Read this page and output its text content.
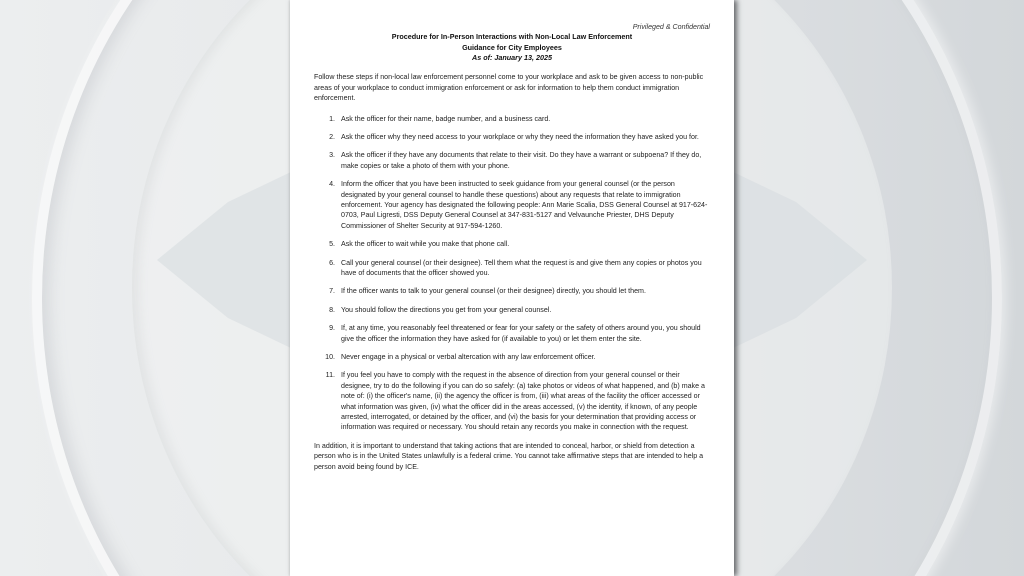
Privileged & Confidential
Procedure for In-Person Interactions with Non-Local Law Enforcement
Guidance for City Employees
As of: January 13, 2025

Follow these steps if non-local law enforcement personnel come to your workplace and ask to be given access to non-public areas of your workplace to conduct immigration enforcement or ask for information to help them conduct immigration enforcement.

1. Ask the officer for their name, badge number, and a business card.
2. Ask the officer why they need access to your workplace or why they need the information they have asked you for.
3. Ask the officer if they have any documents that relate to their visit. Do they have a warrant or subpoena? If they do, make copies or take a photo of them with your phone.
4. Inform the officer that you have been instructed to seek guidance from your general counsel (or the person designated by your general counsel to handle these questions) about any requests that relate to immigration enforcement. Your agency has designated the following people: Ann Marie Scalia, DSS General Counsel at 917-624-0703, Paul Ligresti, DSS Deputy General Counsel at 347-831-5127 and Velvaunche Priester, DHS Deputy Commissioner of Shelter Security at 917-594-1260.
5. Ask the officer to wait while you make that phone call.
6. Call your general counsel (or their designee). Tell them what the request is and give them any copies or photos you have of documents that the officer showed you.
7. If the officer wants to talk to your general counsel (or their designee) directly, you should let them.
8. You should follow the directions you get from your general counsel.
9. If, at any time, you reasonably feel threatened or fear for your safety or the safety of others around you, you should give the officer the information they have asked for (if available to you) or let them enter the site.
10. Never engage in a physical or verbal altercation with any law enforcement officer.
11. If you feel you have to comply with the request in the absence of direction from your general counsel or their designee, try to do the following if you can do so safely: (a) take photos or videos of what happened, and (b) make a note of: (i) the officer's name, (ii) the agency the officer is from, (iii) what areas of the facility the officer accessed or what information was given, (iv) what the officer did in the areas accessed, (v) the identity, if known, of any people arrested, interrogated, or detained by the officer, and (vi) the basis for your determination that providing access or information was required or necessary. You should retain any records you make in connection with the request.

In addition, it is important to understand that taking actions that are intended to conceal, harbor, or shield from detection a person who is in the United States unlawfully is a federal crime. You cannot take affirmative steps that are intended to help a person avoid being found by ICE.
